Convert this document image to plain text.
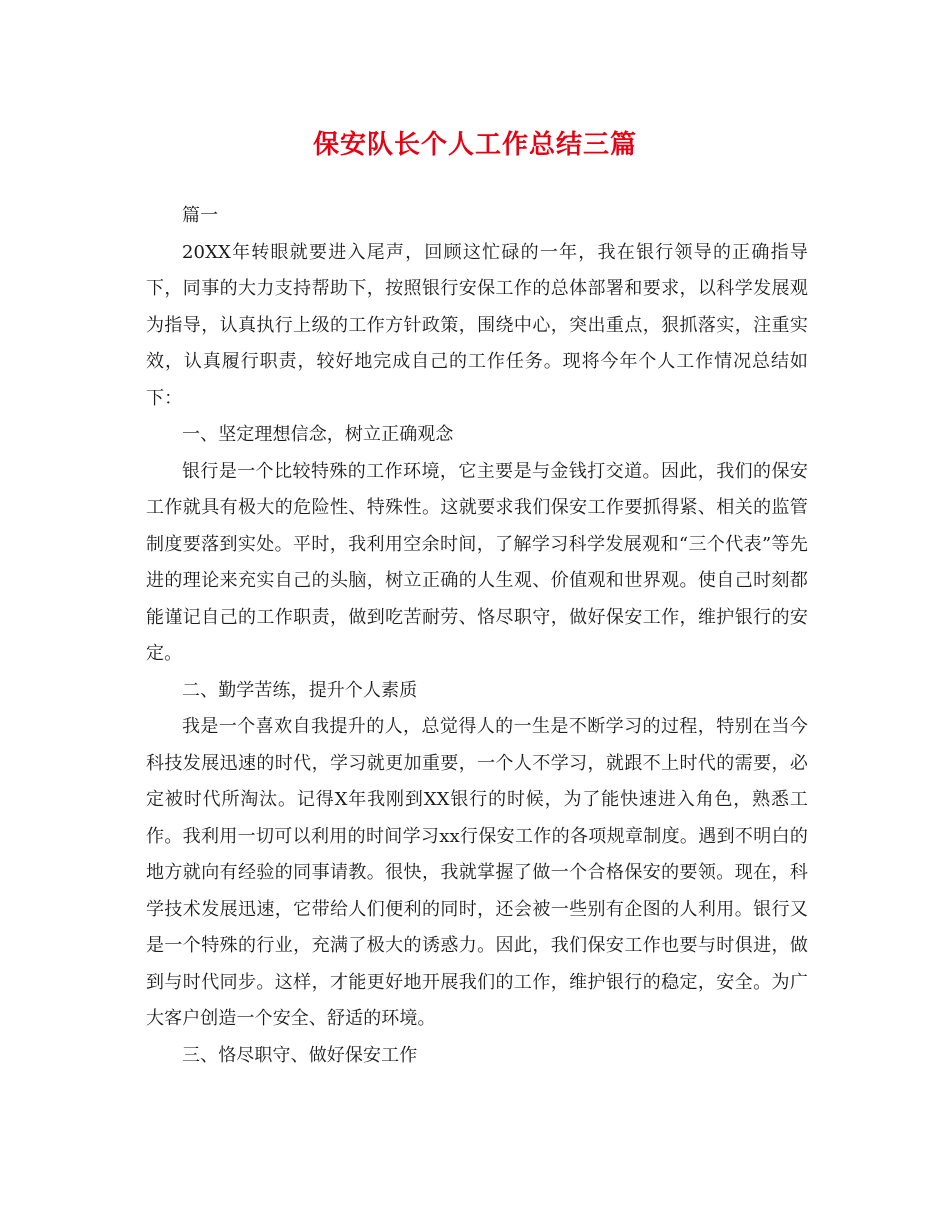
保安队长个人工作总结三篇

篇一

20XX年转眼就要进入尾声，回顾这忙碌的一年，我在银行领导的正确指导下，同事的大力支持帮助下，按照银行安保工作的总体部署和要求，以科学发展观为指导，认真执行上级的工作方针政策，围绕中心，突出重点，狠抓落实，注重实效，认真履行职责，较好地完成自己的工作任务。现将今年个人工作情况总结如下：

一、坚定理想信念，树立正确观念

银行是一个比较特殊的工作环境，它主要是与金钱打交道。因此，我们的保安工作就具有极大的危险性、特殊性。这就要求我们保安工作要抓得紧、相关的监管制度要落到实处。平时，我利用空余时间，了解学习科学发展观和“三个代表”等先进的理论来充实自己的头脑，树立正确的人生观、价值观和世界观。使自己时刻都能谨记自己的工作职责，做到吃苦耐劳、恪尽职守，做好保安工作，维护银行的安定。

二、勤学苦练，提升个人素质

我是一个喜欢自我提升的人，总觉得人的一生是不断学习的过程，特别在当今科技发展迅速的时代，学习就更加重要，一个人不学习，就跟不上时代的需要，必定被时代所淘汰。记得X年我刚到XX银行的时候，为了能快速进入角色，熟悉工作。我利用一切可以利用的时间学习xx行保安工作的各项规章制度。遇到不明白的地方就向有经验的同事请教。很快，我就掌握了做一个合格保安的要领。现在，科学技术发展迅速，它带给人们便利的同时，还会被一些别有企图的人利用。银行又是一个特殊的行业，充满了极大的诱惑力。因此，我们保安工作也要与时俱进，做到与时代同步。这样，才能更好地开展我们的工作，维护银行的稳定，安全。为广大客户创造一个安全、舒适的环境。

三、恪尽职守、做好保安工作
